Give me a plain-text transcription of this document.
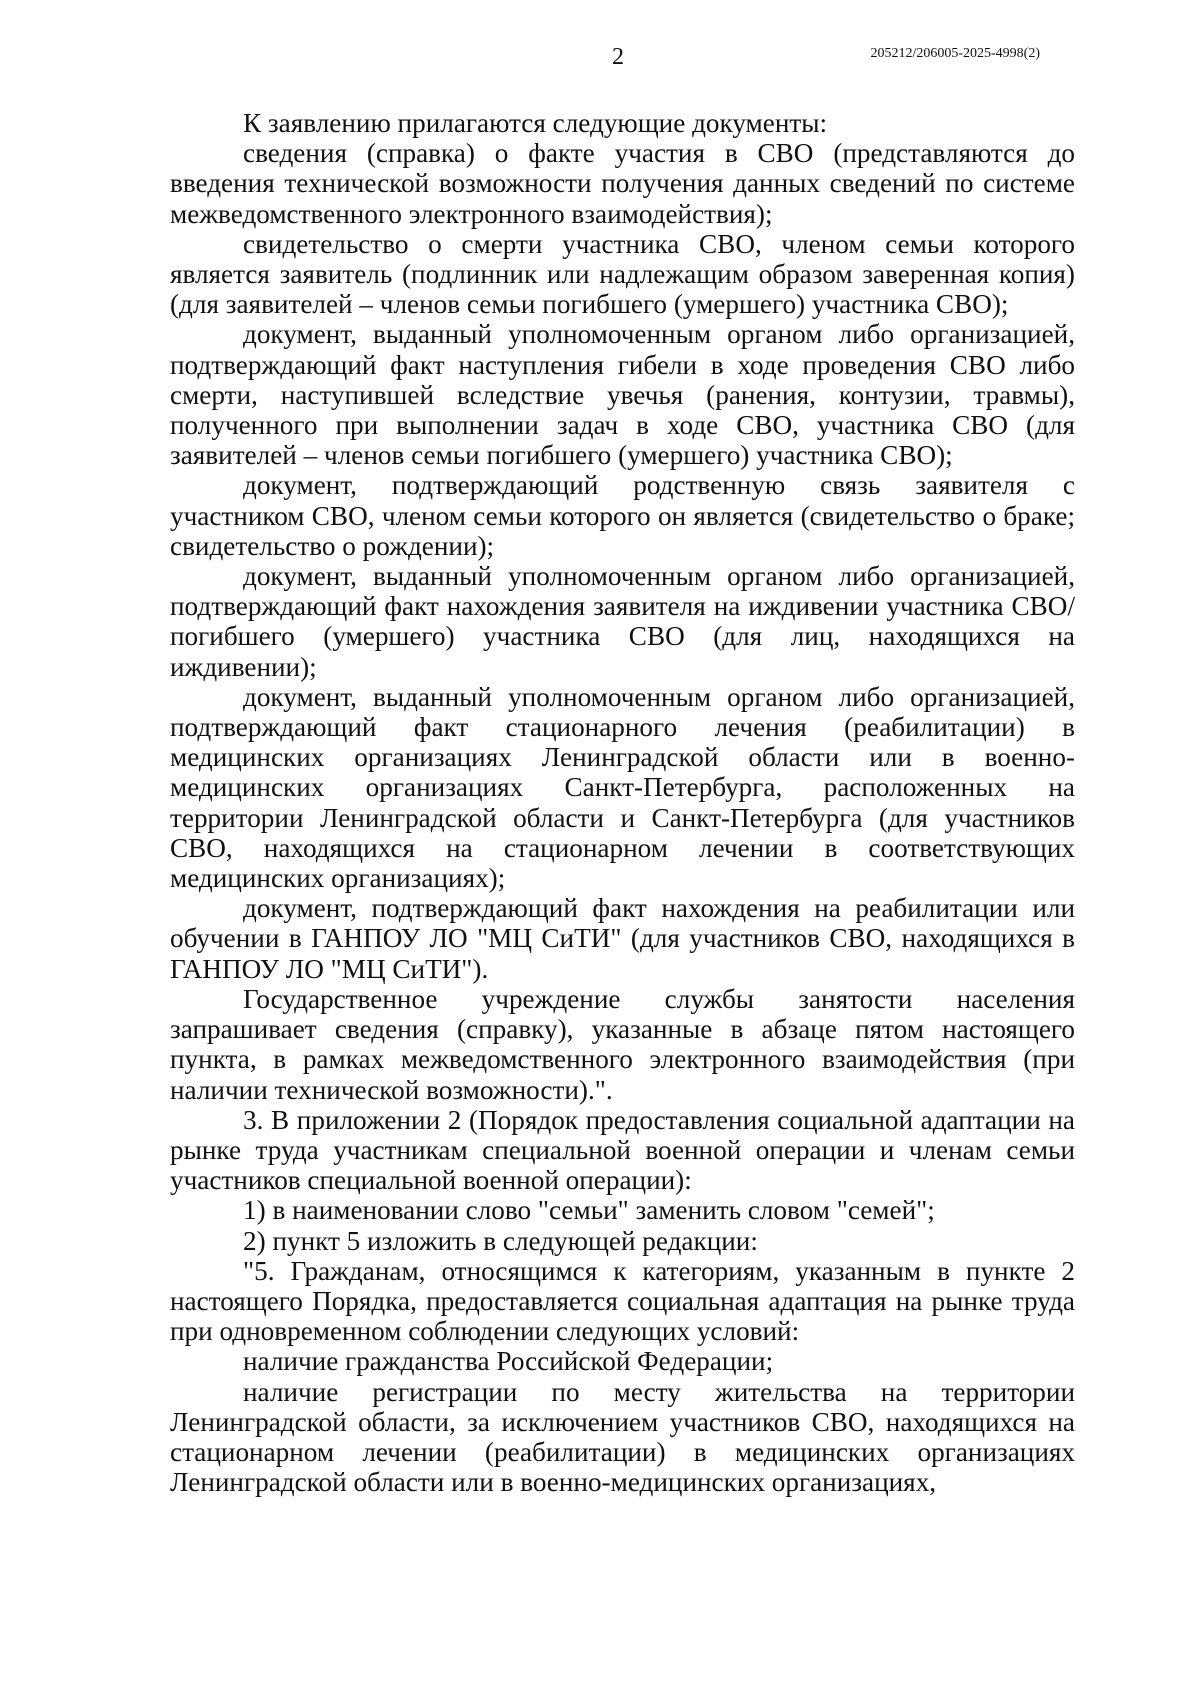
2	205212/206005-2025-4998(2)

К заявлению прилагаются следующие документы:

сведения (справка) о факте участия в СВО (представляются до введения технической возможности получения данных сведений по системе межведомственного электронного взаимодействия);

свидетельство о смерти участника СВО, членом семьи которого является заявитель (подлинник или надлежащим образом заверенная копия) (для заявителей – членов семьи погибшего (умершего) участника СВО);

документ, выданный уполномоченным органом либо организацией, подтверждающий факт наступления гибели в ходе проведения СВО либо смерти, наступившей вследствие увечья (ранения, контузии, травмы), полученного при выполнении задач в ходе СВО, участника СВО (для заявителей – членов семьи погибшего (умершего) участника СВО);

документ, подтверждающий родственную связь заявителя с участником СВО, членом семьи которого он является (свидетельство о браке; свидетельство о рождении);

документ, выданный уполномоченным органом либо организацией, подтверждающий факт нахождения заявителя на иждивении участника СВО/погибшего (умершего) участника СВО (для лиц, находящихся на иждивении);

документ, выданный уполномоченным органом либо организацией, подтверждающий факт стационарного лечения (реабилитации) в медицинских организациях Ленинградской области или в военно-медицинских организациях Санкт-Петербурга, расположенных на территории Ленинградской области и Санкт-Петербурга (для участников СВО, находящихся на стационарном лечении в соответствующих медицинских организациях);

документ, подтверждающий факт нахождения на реабилитации или обучении в ГАНПОУ ЛО "МЦ СиТИ" (для участников СВО, находящихся в ГАНПОУ ЛО "МЦ СиТИ").

Государственное учреждение службы занятости населения запрашивает сведения (справку), указанные в абзаце пятом настоящего пункта, в рамках межведомственного электронного взаимодействия (при наличии технической возможности).".

3. В приложении 2 (Порядок предоставления социальной адаптации на рынке труда участникам специальной военной операции и членам семьи участников специальной военной операции):

1) в наименовании слово "семьи" заменить словом "семей";

2) пункт 5 изложить в следующей редакции:

"5. Гражданам, относящимся к категориям, указанным в пункте 2 настоящего Порядка, предоставляется социальная адаптация на рынке труда при одновременном соблюдении следующих условий:

наличие гражданства Российской Федерации;

наличие регистрации по месту жительства на территории Ленинградской области, за исключением участников СВО, находящихся на стационарном лечении (реабилитации) в медицинских организациях Ленинградской области или в военно-медицинских организациях,
